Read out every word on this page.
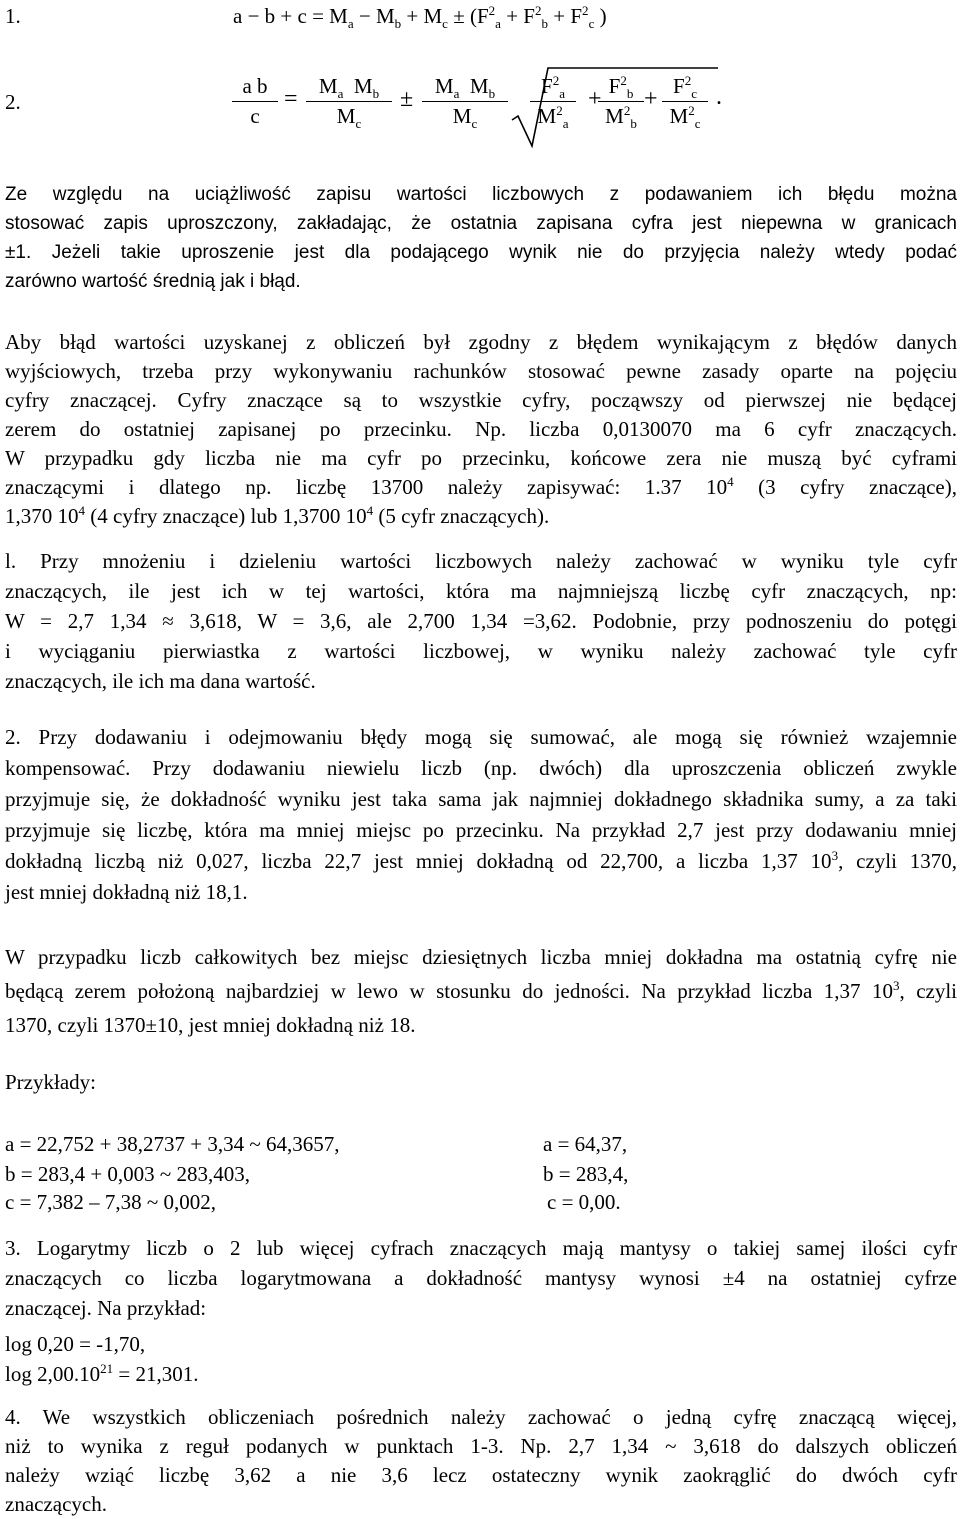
1.	$a - b + c = M_a - M_b + M_c \pm (F^2_a + F^2_b + F^2_c$ )
2.
a b
c
=	$M_a$ $M_b$
$M_c$
±	$M_a$ $M_b$
$M_c$
$F^2_a$
$M^2_a$
+ $F^2_b$
$M^2_b$
+ $F^2_c$
$M^2_c$
.
Ze względu na uciążliwość zapisu wartości liczbowych z podawaniem ich błędu można
stosować zapis uproszczony, zakładając, że ostatnia zapisana cyfra jest niepewna w granicach
±1. Jeżeli takie uproszenie jest dla podającego wynik nie do przyjęcia należy wtedy podać
zarówno wartość średnią jak i błąd.
Aby błąd wartości uzyskanej z obliczeń był zgodny z błędem wynikającym z błędów danych
wyjściowych, trzeba przy wykonywaniu rachunków stosować pewne zasady oparte na pojęciu
cyfry znaczącej. Cyfry znaczące są to wszystkie cyfry, począwszy od pierwszej nie będącej
zerem do ostatniej zapisanej po przecinku. Np. liczba 0,0130070 ma 6 cyfr znaczących.
W przypadku gdy liczba nie ma cyfr po przecinku, końcowe zera nie muszą być cyframi
znaczącymi i dlatego np. liczbę 13700 należy zapisywać: 1.37 $10^4$ (3 cyfry znaczące),
1,370 $10^4$ (4 cyfry znaczące) lub 1,3700 $10^4$ (5 cyfr znaczących).
l. Przy mnożeniu i dzieleniu wartości liczbowych należy zachować w wyniku tyle cyfr
znaczących, ile jest ich w tej wartości, która ma najmniejszą liczbę cyfr znaczących, np:
W = 2,7 1,34 ≈ 3,618, W = 3,6, ale 2,700 1,34 =3,62. Podobnie, przy podnoszeniu do potęgi
i wyciąganiu pierwiastka z wartości liczbowej, w wyniku należy zachować tyle cyfr
znaczących, ile ich ma dana wartość.
2. Przy dodawaniu i odejmowaniu błędy mogą się sumować, ale mogą się również wzajemnie
kompensować. Przy dodawaniu niewielu liczb (np. dwóch) dla uproszczenia obliczeń zwykle
przyjmuje się, że dokładność wyniku jest taka sama jak najmniej dokładnego składnika sumy, a za taki
przyjmuje się liczbę, która ma mniej miejsc po przecinku. Na przykład 2,7 jest przy dodawaniu mniej
dokładną liczbą niż 0,027, liczba 22,7 jest mniej dokładną od 22,700, a liczba 1,37 $10^3$, czyli 1370,
jest mniej dokładną niż 18,1.
W przypadku liczb całkowitych bez miejsc dziesiętnych liczba mniej dokładna ma ostatnią cyfrę nie
będącą zerem położoną najbardziej w lewo w stosunku do jedności. Na przykład liczba 1,37 $10^3$, czyli
1370, czyli 1370±10, jest mniej dokładną niż 18.
Przykłady:
a = 22,752 + 38,2737 + 3,34 ~ 64,3657,	a = 64,37,
b = 283,4 + 0,003 ~ 283,403,	b = 283,4,
c = 7,382 – 7,38 ~ 0,002,	c = 0,00.
3. Logarytmy liczb o 2 lub więcej cyfrach znaczących mają mantysy o takiej samej ilości cyfr
znaczących co liczba logarytmowana a dokładność mantysy wynosi ±4 na ostatniej cyfrze
znaczącej. Na przykład:
log 0,20 = -1,70,
$\log 2,00.10^{21} = 21,301$.
4. We wszystkich obliczeniach pośrednich należy zachować o jedną cyfrę znaczącą więcej,
niż to wynika z reguł podanych w punktach 1-3. Np. 2,7 1,34 ~ 3,618 do dalszych obliczeń
należy wziąć liczbę 3,62 a nie 3,6 lecz ostateczny wynik zaokrąglić do dwóch cyfr
znaczących.
